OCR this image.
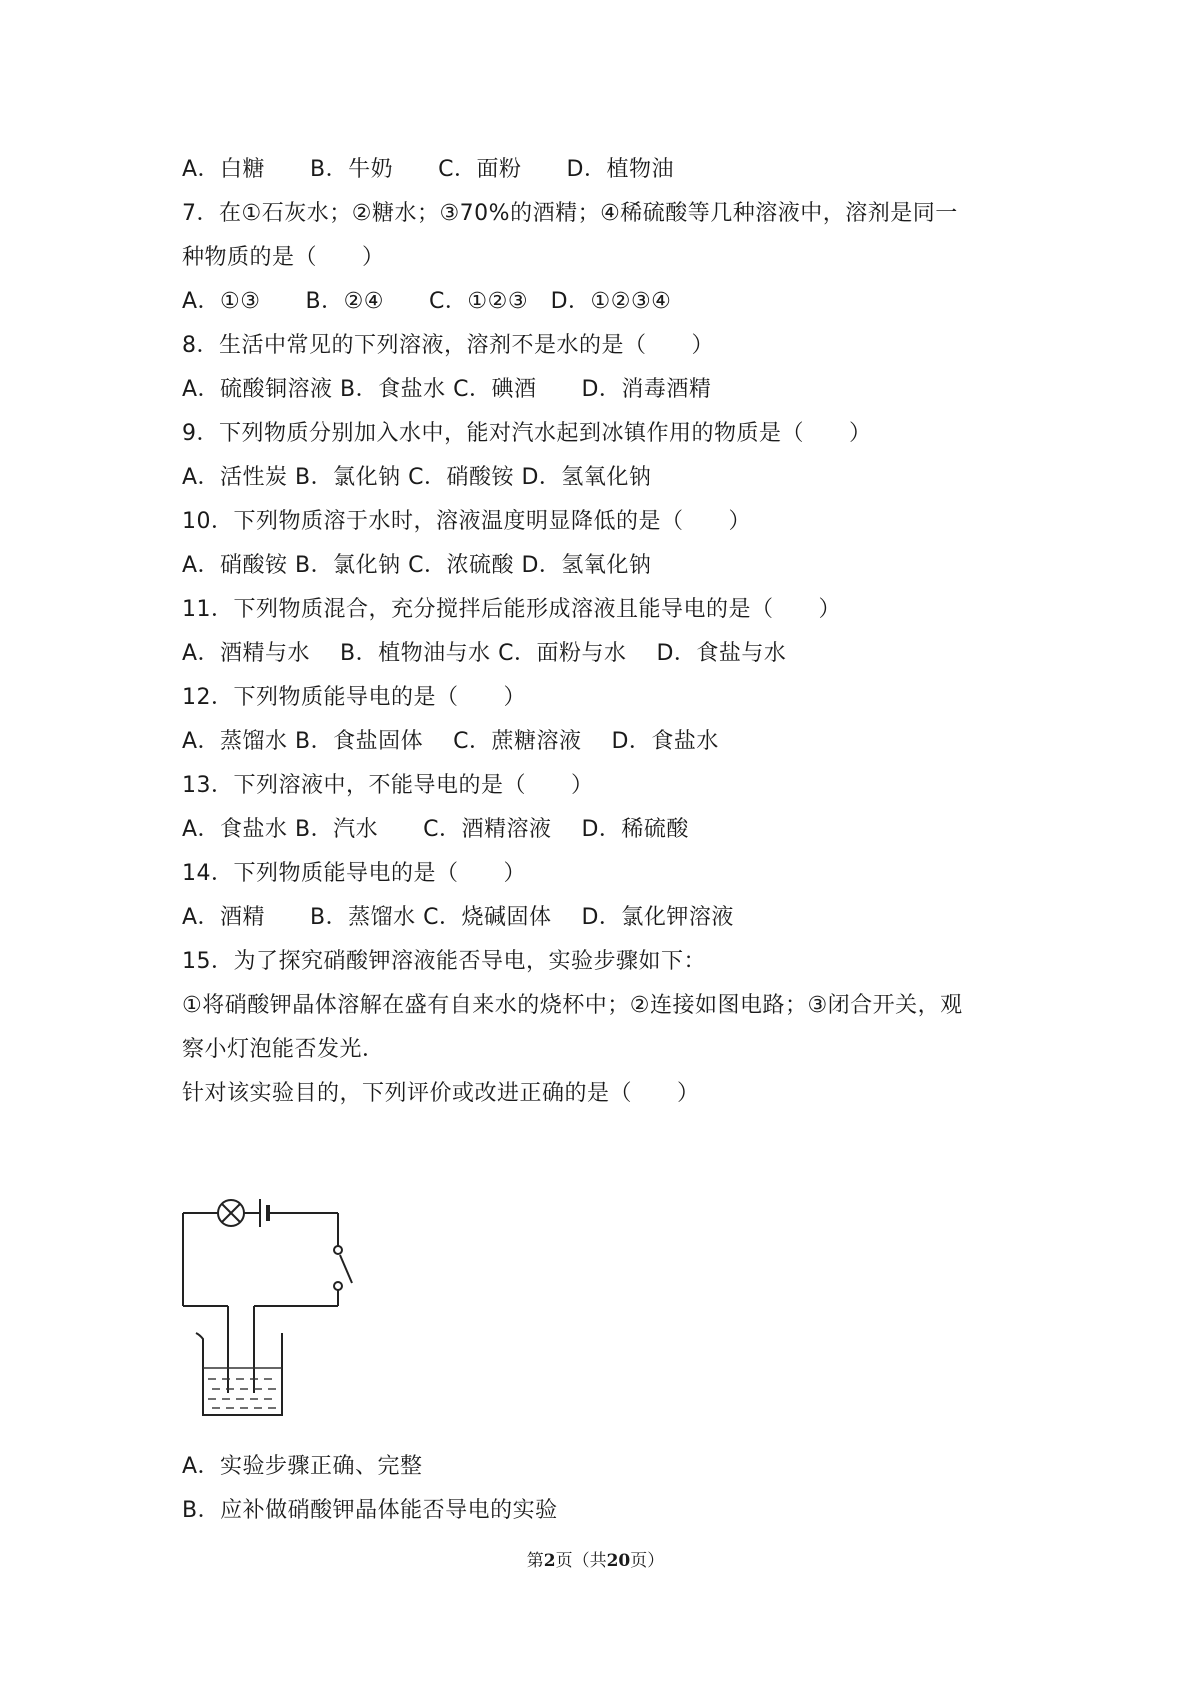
A．白糖　　B．牛奶　　C．面粉　　D．植物油
7．在①石灰水；②糖水；③70%的酒精；④稀硫酸等几种溶液中，溶剂是同一
种物质的是（　　）
A．①③　　B．②④　　C．①②③　D．①②③④
8．生活中常见的下列溶液，溶剂不是水的是（　　）
A．硫酸铜溶液 B．食盐水 C．碘酒　　D．消毒酒精
9．下列物质分别加入水中，能对汽水起到冰镇作用的物质是（　　）
A．活性炭 B．氯化钠 C．硝酸铵 D．氢氧化钠
10．下列物质溶于水时，溶液温度明显降低的是（　　）
A．硝酸铵 B．氯化钠 C．浓硫酸 D．氢氧化钠
11．下列物质混合，充分搅拌后能形成溶液且能导电的是（　　）
A．酒精与水　 B．植物油与水 C．面粉与水　 D．食盐与水
12．下列物质能导电的是（　　）
A．蒸馏水 B．食盐固体　 C．蔗糖溶液　 D．食盐水
13．下列溶液中，不能导电的是（　　）
A．食盐水 B．汽水　　C．酒精溶液　 D．稀硫酸
14．下列物质能导电的是（　　）
A．酒精　　B．蒸馏水 C．烧碱固体　 D．氯化钾溶液
15．为了探究硝酸钾溶液能否导电，实验步骤如下：
①将硝酸钾晶体溶解在盛有自来水的烧杯中；②连接如图电路；③闭合开关，观
察小灯泡能否发光．
针对该实验目的，下列评价或改进正确的是（　　）
A．实验步骤正确、完整
B．应补做硝酸钾晶体能否导电的实验
第2页（共20页）
